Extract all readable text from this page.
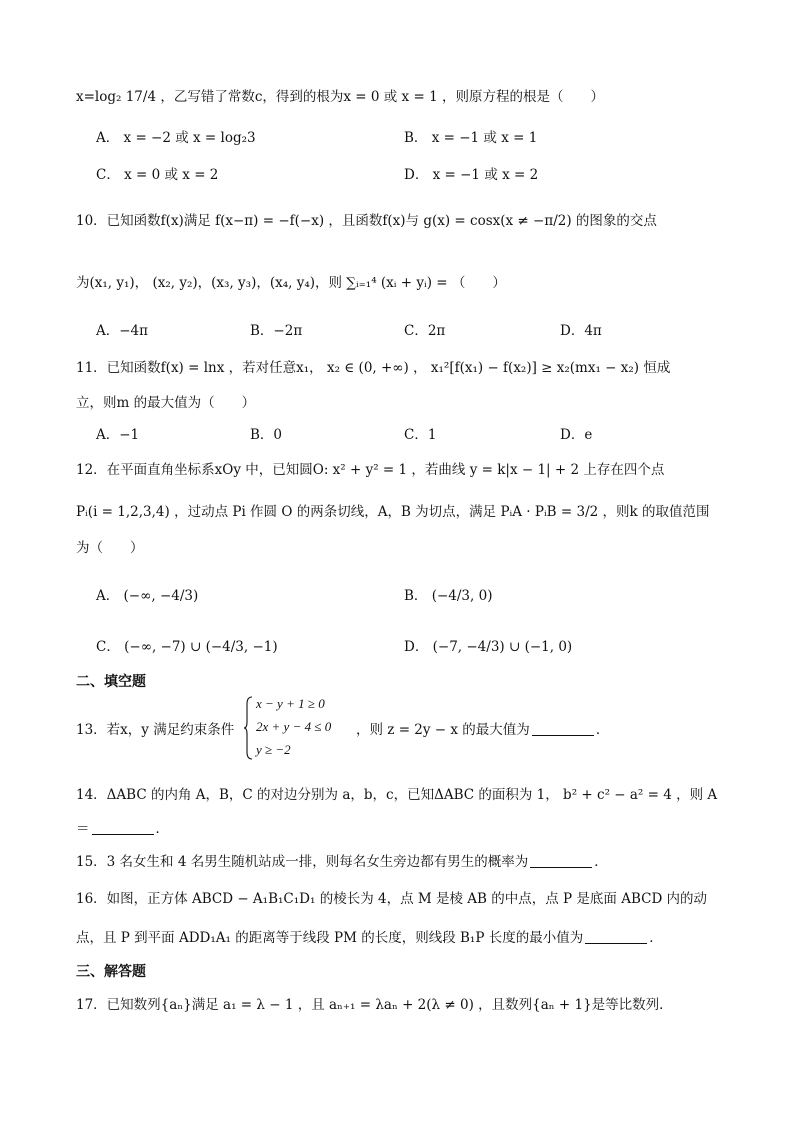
x=log₂ 17/4 ，乙写错了常数c，得到的根为x = 0 或 x = 1 ，则原方程的根是（　　）
A． x = −2 或 x = log₂3	B． x = −1 或 x = 1
C． x = 0 或 x = 2	D． x = −1 或 x = 2
10．已知函数f(x)满足 f(x−π) = −f(−x) ，且函数f(x)与 g(x) = cosx(x ≠ −π/2) 的图象的交点
为(x₁, y₁)， (x₂, y₂)，(x₃, y₃)，(x₄, y₄)，则 ∑ᵢ₌₁⁴ (xᵢ + yᵢ) = （　　）
A．−4π	B．−2π	C．2π	D．4π
11．已知函数f(x) = lnx ，若对任意x₁， x₂ ∈ (0, +∞) ， x₁²[f(x₁) − f(x₂)] ≥ x₂(mx₁ − x₂) 恒成
立，则m 的最大值为（　　）
A．−1	B．0	C．1	D．e
12．在平面直角坐标系xOy 中，已知圆O: x² + y² = 1 ，若曲线 y = k|x − 1| + 2 上存在四个点
Pᵢ(i = 1,2,3,4) ，过动点 Pi 作圆 O 的两条切线，A，B 为切点，满足 PᵢA · PᵢB = 3/2 ，则k 的取值范围
为（　　）
A． (−∞, −4/3)	B． (−4/3, 0)
C． (−∞, −7) ∪ (−4/3, −1)	D． (−7, −4/3) ∪ (−1, 0)
二、填空题
13．若x，y 满足约束条件
x − y + 1 ≥ 0
2x + y − 4 ≤ 0
y ≥ −2
，则 z = 2y − x 的最大值为	．
14．ΔABC 的内角 A，B，C 的对边分别为 a，b，c，已知ΔABC 的面积为 1， b² + c² − a² = 4 ，则 A
＝	．
15．3 名女生和 4 名男生随机站成一排，则每名女生旁边都有男生的概率为	．
16．如图，正方体 ABCD − A₁B₁C₁D₁ 的棱长为 4，点 M 是棱 AB 的中点，点 P 是底面 ABCD 内的动
点，且 P 到平面 ADD₁A₁ 的距离等于线段 PM 的长度，则线段 B₁P 长度的最小值为	．
三、解答题
17．已知数列{aₙ}满足 a₁ = λ − 1 ，且 aₙ₊₁ = λaₙ + 2(λ ≠ 0) ，且数列{aₙ + 1}是等比数列．
